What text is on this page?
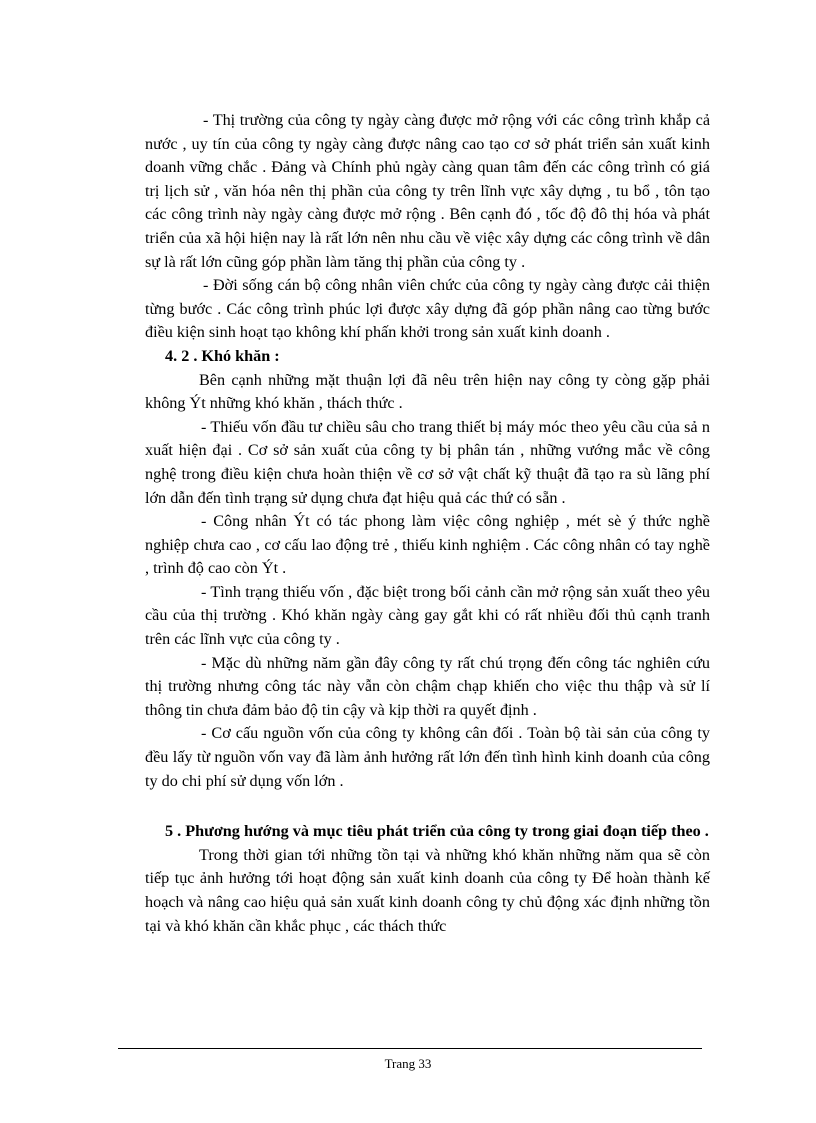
- Thị trường của công ty ngày càng được mở rộng với các công trình khắp cả nước , uy tín của công ty ngày càng được nâng cao tạo cơ sở phát triển sản xuất kinh doanh vững chắc . Đảng và Chính phủ ngày càng quan tâm đến các công trình có giá trị lịch sử , văn hóa nên thị phần của công ty trên lĩnh vực xây dựng , tu bổ , tôn tạo các công trình này ngày càng được mở rộng . Bên cạnh đó , tốc độ đô thị hóa và phát triển của xã hội hiện nay là rất lớn nên nhu cầu về việc xây dựng các công trình về dân sự là rất lớn cũng góp phần làm tăng thị phần của công ty .

- Đời sống cán bộ công nhân viên chức của công ty ngày càng được cải thiện từng bước . Các công trình phúc lợi được xây dựng đã góp phần nâng cao từng bước điều kiện sinh hoạt tạo không khí phấn khởi trong sản xuất kinh doanh .

4. 2 . Khó khăn :

Bên cạnh những mặt thuận lợi đã nêu trên hiện nay công ty còng gặp phải không Ýt những khó khăn , thách thức .

- Thiếu vốn đầu tư chiều sâu cho trang thiết bị máy móc theo yêu cầu của sả n xuất hiện đại . Cơ sở sản xuất của công ty bị phân tán , những vướng mắc về công nghệ trong điều kiện chưa hoàn thiện về cơ sở vật chất kỹ thuật đã tạo ra sù lãng phí lớn dẫn đến tình trạng sử dụng chưa đạt hiệu quả các thứ có sẵn .

- Công nhân Ýt có tác phong làm việc công nghiệp , mét sè ý thức nghề nghiệp chưa cao , cơ cấu lao động trẻ , thiếu kinh nghiệm . Các công nhân có tay nghề , trình độ cao còn Ýt .

- Tình trạng thiếu vốn , đặc biệt trong bối cảnh cần mở rộng sản xuất theo yêu cầu của thị trường . Khó khăn ngày càng gay gắt khi có rất nhiều đối thủ cạnh tranh trên các lĩnh vực của công ty .

- Mặc dù những năm gần đây công ty rất chú trọng đến công tác nghiên cứu thị trường nhưng công tác này vẫn còn chậm chạp khiến cho việc thu thập và sử lí thông tin chưa đảm bảo độ tin cậy và kịp thời ra quyết định .

- Cơ cấu nguồn vốn của công ty không cân đối . Toàn bộ tài sản của công ty đều lấy từ nguồn vốn vay đã làm ảnh hưởng rất lớn đến tình hình kinh doanh của công ty do chi phí sử dụng vốn lớn .

5 . Phương hướng và mục tiêu phát triển của công ty trong giai đoạn tiếp theo .

Trong thời gian tới những tồn tại và những khó khăn những năm qua sẽ còn tiếp tục ảnh hưởng tới hoạt động sản xuất kinh doanh của công ty Để hoàn thành kế hoạch và nâng cao hiệu quả sản xuất kinh doanh công ty chủ động xác định những tồn tại và khó khăn cần khắc phục , các thách thức

Trang 33
